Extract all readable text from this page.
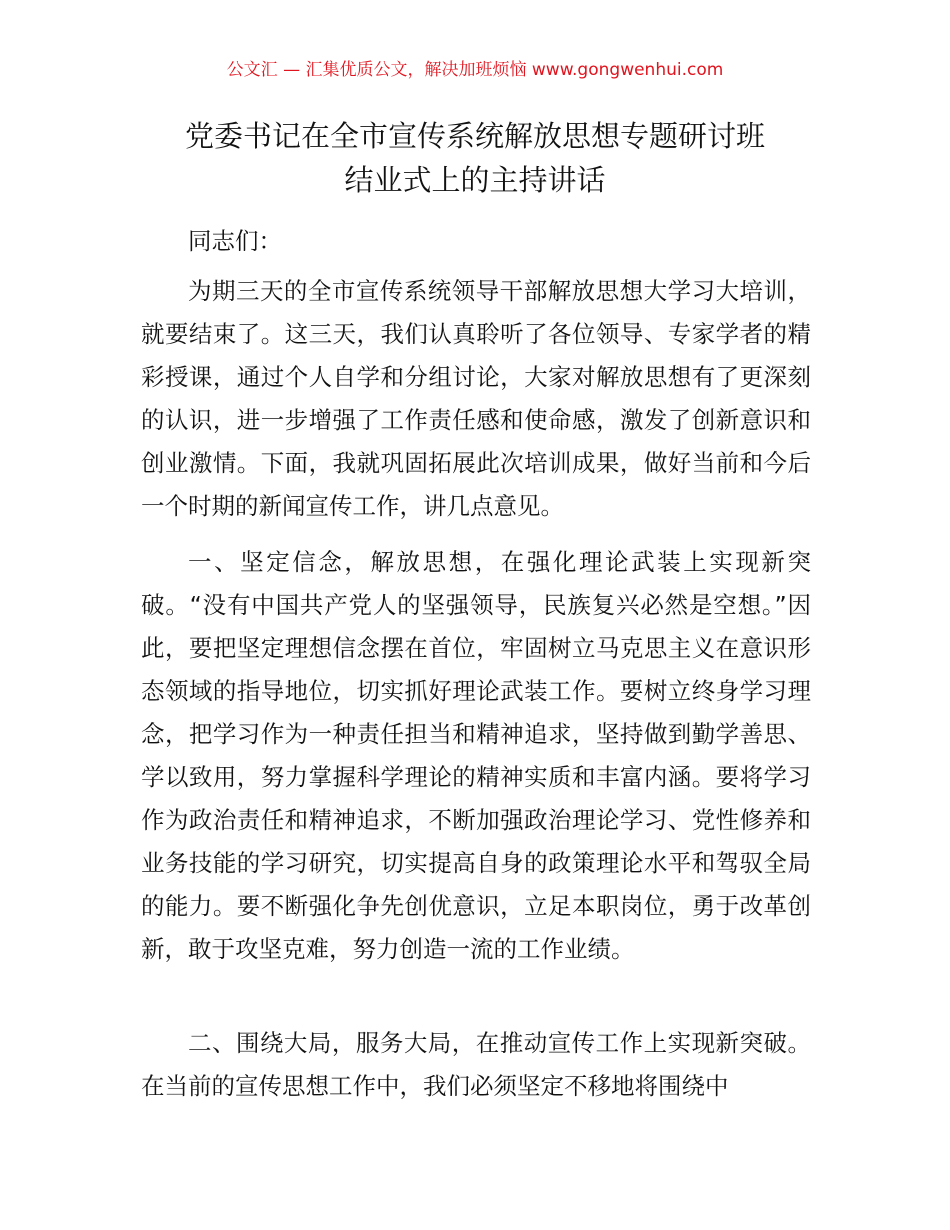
公文汇 — 汇集优质公文，解决加班烦恼 www.gongwenhui.com
党委书记在全市宣传系统解放思想专题研讨班
结业式上的主持讲话
同志们：
为期三天的全市宣传系统领导干部解放思想大学习大培训，就要结束了。这三天，我们认真聆听了各位领导、专家学者的精彩授课，通过个人自学和分组讨论，大家对解放思想有了更深刻的认识，进一步增强了工作责任感和使命感，激发了创新意识和创业激情。下面，我就巩固拓展此次培训成果，做好当前和今后一个时期的新闻宣传工作，讲几点意见。
一、坚定信念，解放思想，在强化理论武装上实现新突破。“没有中国共产党人的坚强领导，民族复兴必然是空想。”因此，要把坚定理想信念摆在首位，牢固树立马克思主义在意识形态领域的指导地位，切实抓好理论武装工作。要树立终身学习理念，把学习作为一种责任担当和精神追求，坚持做到勤学善思、学以致用，努力掌握科学理论的精神实质和丰富内涵。要将学习作为政治责任和精神追求，不断加强政治理论学习、党性修养和业务技能的学习研究，切实提高自身的政策理论水平和驾驭全局的能力。要不断强化争先创优意识，立足本职岗位，勇于改革创新，敢于攻坚克难，努力创造一流的工作业绩。
二、围绕大局，服务大局，在推动宣传工作上实现新突破。在当前的宣传思想工作中，我们必须坚定不移地将围绕中
